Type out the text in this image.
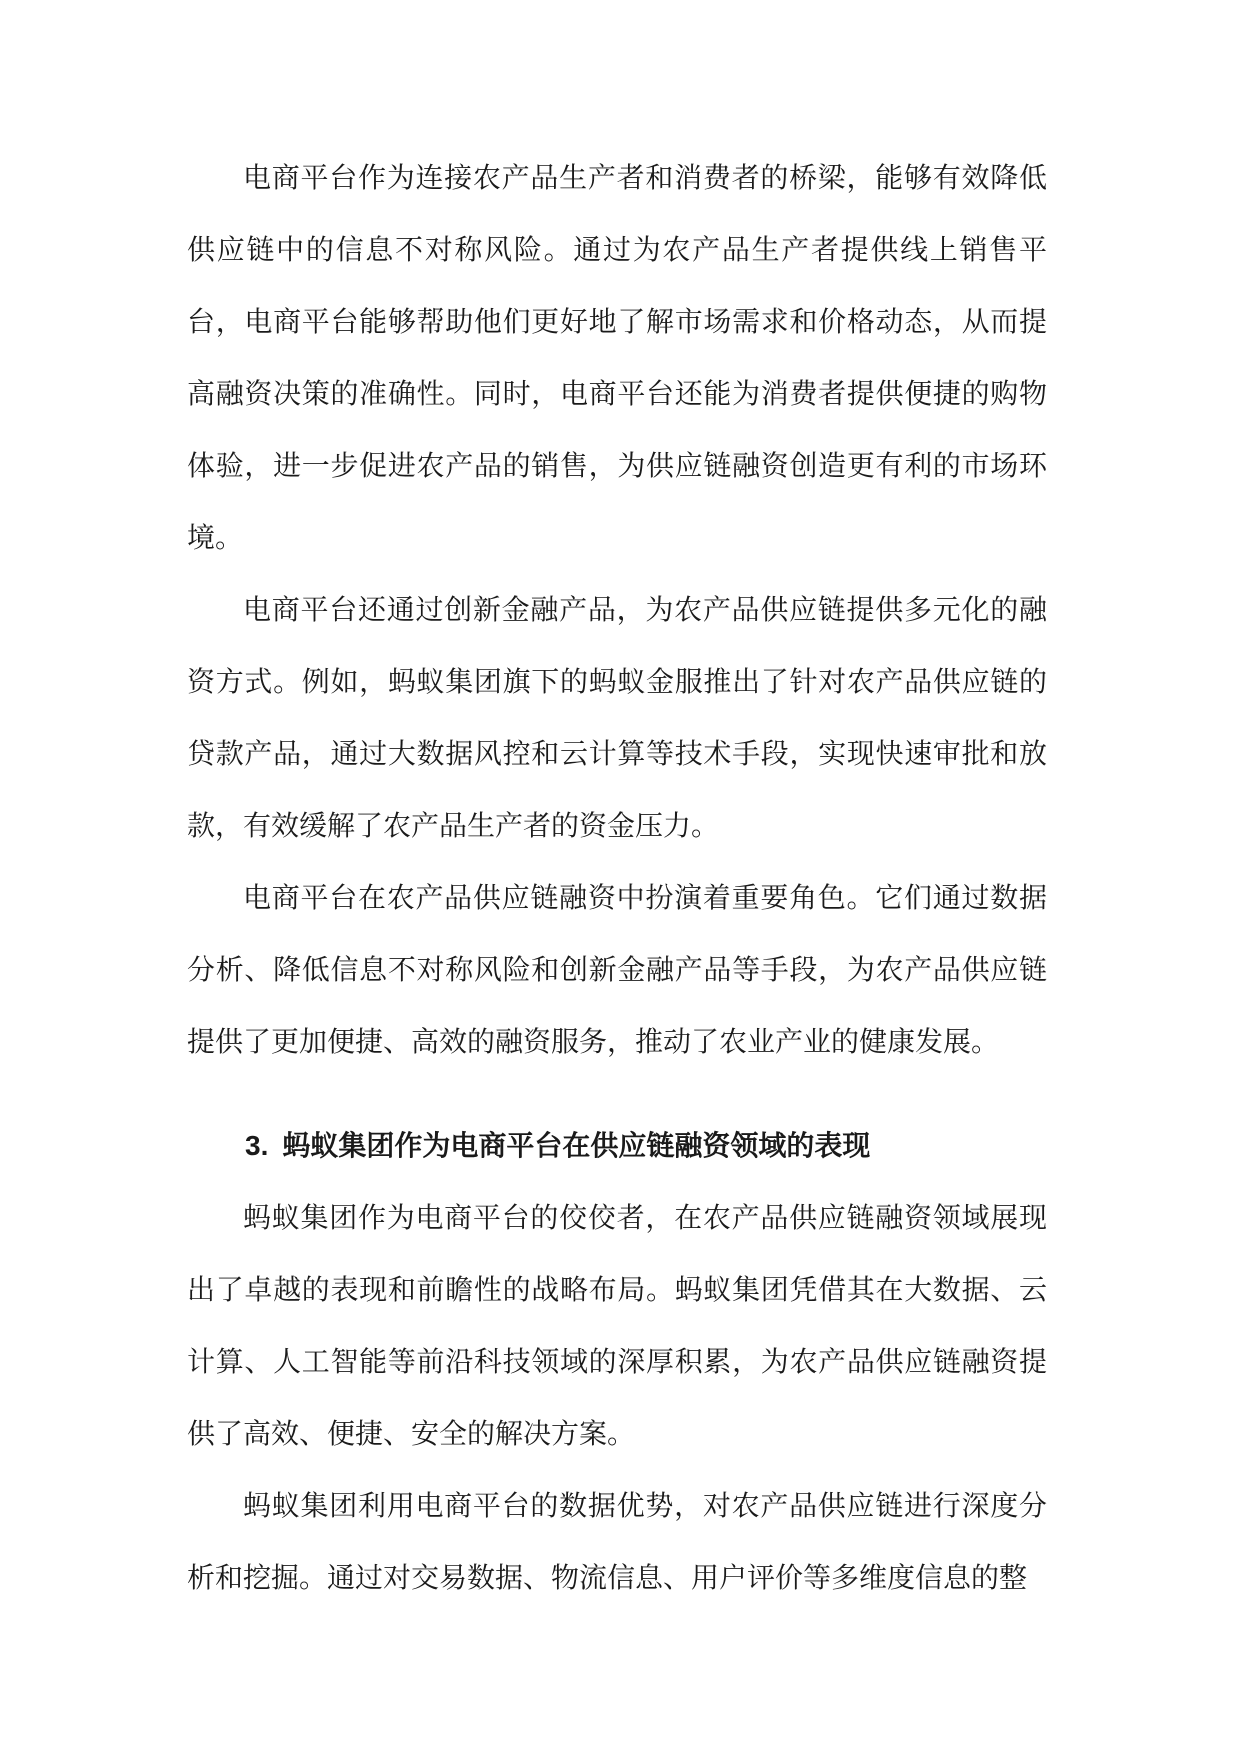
电商平台作为连接农产品生产者和消费者的桥梁，能够有效降低供应链中的信息不对称风险。通过为农产品生产者提供线上销售平台，电商平台能够帮助他们更好地了解市场需求和价格动态，从而提高融资决策的准确性。同时，电商平台还能为消费者提供便捷的购物体验，进一步促进农产品的销售，为供应链融资创造更有利的市场环境。

电商平台还通过创新金融产品，为农产品供应链提供多元化的融资方式。例如，蚂蚁集团旗下的蚂蚁金服推出了针对农产品供应链的贷款产品，通过大数据风控和云计算等技术手段，实现快速审批和放款，有效缓解了农产品生产者的资金压力。

电商平台在农产品供应链融资中扮演着重要角色。它们通过数据分析、降低信息不对称风险和创新金融产品等手段，为农产品供应链提供了更加便捷、高效的融资服务，推动了农业产业的健康发展。

3. 蚂蚁集团作为电商平台在供应链融资领域的表现

蚂蚁集团作为电商平台的佼佼者，在农产品供应链融资领域展现出了卓越的表现和前瞻性的战略布局。蚂蚁集团凭借其在大数据、云计算、人工智能等前沿科技领域的深厚积累，为农产品供应链融资提供了高效、便捷、安全的解决方案。

蚂蚁集团利用电商平台的数据优势，对农产品供应链进行深度分析和挖掘。通过对交易数据、物流信息、用户评价等多维度信息的整
